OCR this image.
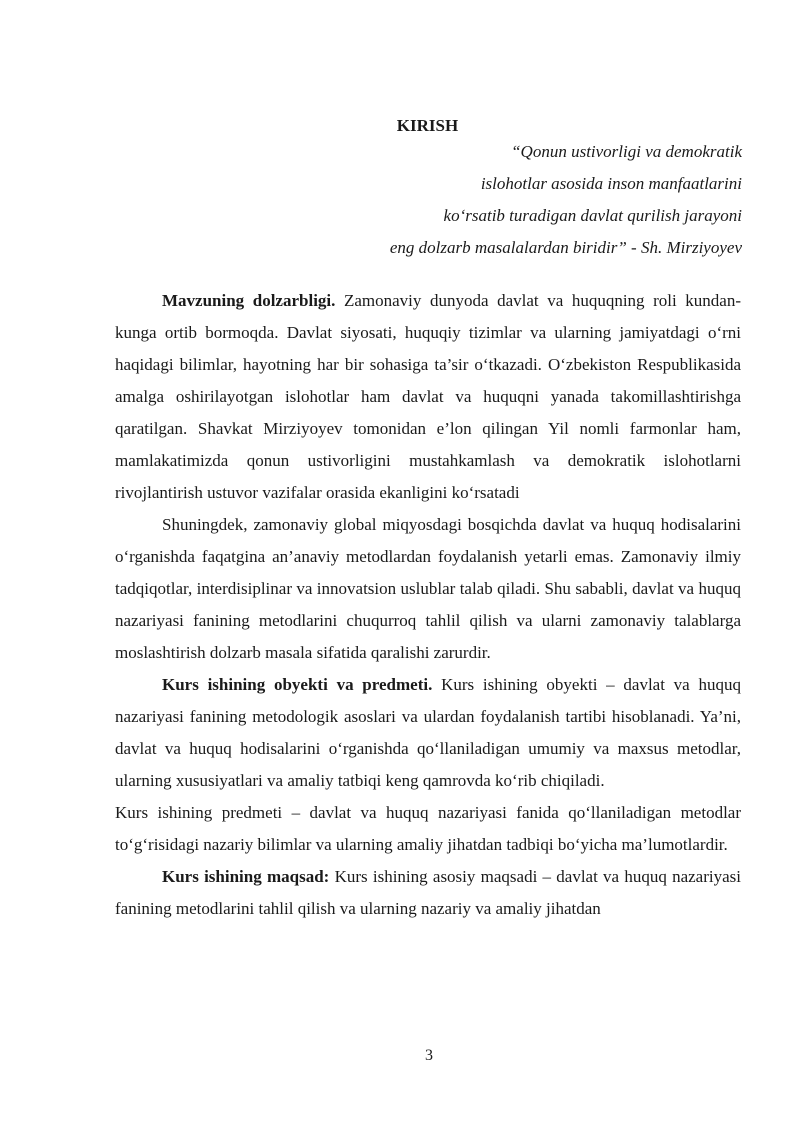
KIRISH
“Qonun ustivorligi va demokratik
islohotlar asosida inson manfaatlarini
ko‘rsatib turadigan davlat qurilish jarayoni
eng dolzarb masalalardan biridir” - Sh. Mirziyoyev

Mavzuning dolzarbligi. Zamonaviy dunyoda davlat va huquqning roli kundan-kunga ortib bormoqda. Davlat siyosati, huquqiy tizimlar va ularning jamiyatdagi o‘rni haqidagi bilimlar, hayotning har bir sohasiga ta’sir o‘tkazadi. O‘zbekiston Respublikasida amalga oshirilayotgan islohotlar ham davlat va huquqni yanada takomillashtirishga qaratilgan. Shavkat Mirziyoyev tomonidan e’lon qilingan Yil nomli farmonlar ham, mamlakatimizda qonun ustivorligini mustahkamlash va demokratik islohotlarni rivojlantirish ustuvor vazifalar orasida ekanligini ko‘rsatadi

Shuningdek, zamonaviy global miqyosdagi bosqichda davlat va huquq hodisalarini o‘rganishda faqatgina an’anaviy metodlardan foydalanish yetarli emas. Zamonaviy ilmiy tadqiqotlar, interdisiplinar va innovatsion uslublar talab qiladi. Shu sababli, davlat va huquq nazariyasi fanining metodlarini chuqurroq tahlil qilish va ularni zamonaviy talablarga moslashtirish dolzarb masala sifatida qaralishi zarurdir.

Kurs ishining obyekti va predmeti. Kurs ishining obyekti – davlat va huquq nazariyasi fanining metodologik asoslari va ulardan foydalanish tartibi hisoblanadi. Ya’ni, davlat va huquq hodisalarini o‘rganishda qo‘llaniladigan umumiy va maxsus metodlar, ularning xususiyatlari va amaliy tatbiqi keng qamrovda ko‘rib chiqiladi.

Kurs ishining predmeti – davlat va huquq nazariyasi fanida qo‘llaniladigan metodlar to‘g‘risidagi nazariy bilimlar va ularning amaliy jihatdan tadbiqi bo‘yicha ma’lumotlardir.

Kurs ishining maqsad: Kurs ishining asosiy maqsadi – davlat va huquq nazariyasi fanining metodlarini tahlil qilish va ularning nazariy va amaliy jihatdan

3
